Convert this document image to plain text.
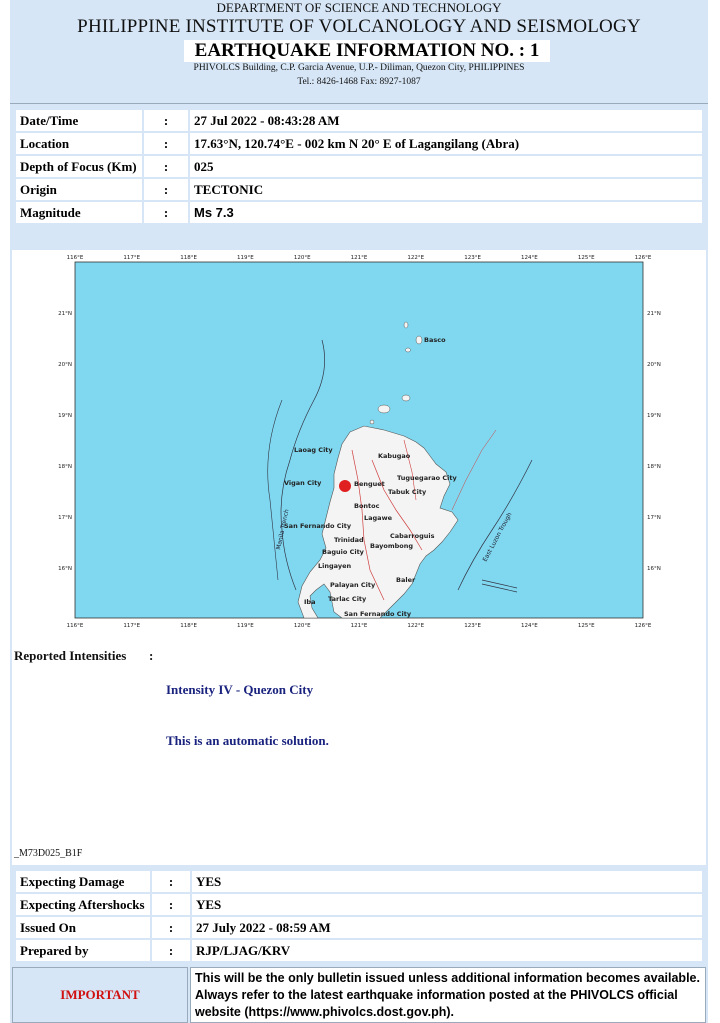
DEPARTMENT OF SCIENCE AND TECHNOLOGY
PHILIPPINE INSTITUTE OF VOLCANOLOGY AND SEISMOLOGY
EARTHQUAKE INFORMATION NO. : 1
PHIVOLCS Building, C.P. Garcia Avenue, U.P.- Diliman, Quezon City, PHILIPPINES
Tel.: 8426-1468 Fax: 8927-1087
Date/Time	:	27 Jul 2022 - 08:43:28 AM
Location	:	17.63°N, 120.74°E - 002 km N 20° E of Lagangilang (Abra)
Depth of Focus (Km)	:	025
Origin	:	TECTONIC
Magnitude	:	Ms 7.3
116°E	117°E	118°E	119°E	120°E	121°E	122°E	123°E	124°E	125°E	126°E
116°E	117°E	118°E	119°E	120°E	121°E	122°E	123°E	124°E	125°E	126°E
21°N
20°N
19°N
18°N
17°N
16°N
21°N
20°N
19°N
18°N
17°N
16°N
Basco
Laoag City
Kabugao
Vigan City	Benguet
Tuguegarao City
Tabuk City
Bontoc
Lagawe
San Fernando City
Trinidad	Cabarroguis
Baguio City
Bayombong
Lingayen
Baler
Palayan City
Tarlac City
Iba
San Fernando City
Manila Trench	East Luzon Trough
Reported Intensities :
Intensity IV - Quezon City
This is an automatic solution.
_M73D025_B1F
Expecting Damage	:	YES
Expecting Aftershocks	:	YES
Issued On	:	27 July 2022 - 08:59 AM
Prepared by	:	RJP/LJAG/KRV
IMPORTANT
This will be the only bulletin issued unless additional information becomes available. Always refer to the latest earthquake information posted at the PHIVOLCS official website (https://www.phivolcs.dost.gov.ph).
